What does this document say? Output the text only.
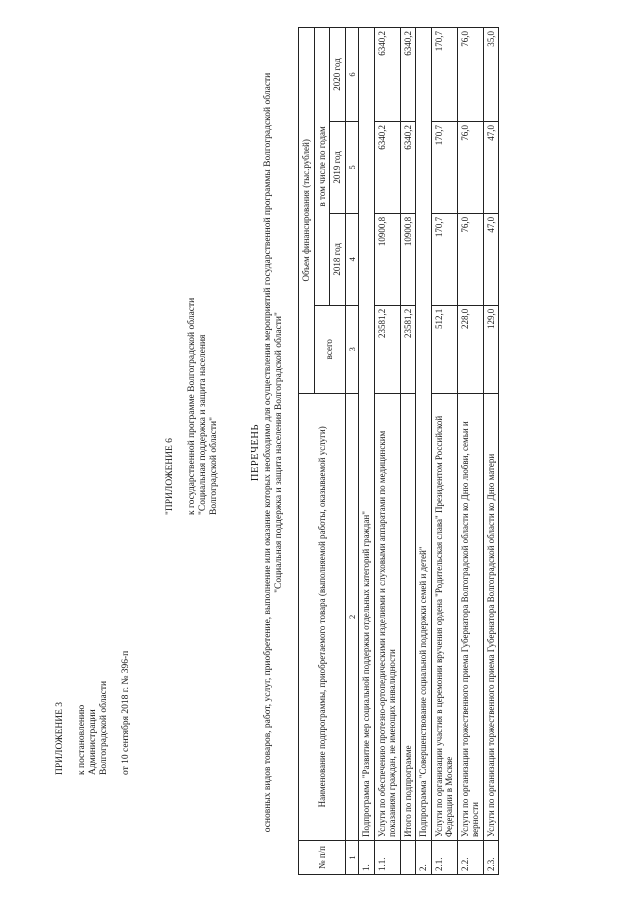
ПРИЛОЖЕНИЕ 3 к постановлению Администрации Волгоградской области от 10 сентября 2018 г. № 396-п
"ПРИЛОЖЕНИЕ 6 к государственной программе Волгоградской области "Социальная поддержка и защита населения Волгоградской области"	ПЕРЕЧЕНЬ основных видов товаров, работ, услуг, приобретение, выполнение или оказание которых необходимо для осуществления мероприятий государственной программы Волгоградской области "Социальная поддержка и защита населения Волгоградской области"
№ п/п	Наименование подпрограммы, приобретаемого товара (выполняемой работы, оказываемой услуги)	Объем финансирования (тыс.рублей)			
		всего	в том числе по годам		
			2018 год	2019 год	2020 год
1	2	3	4	5	6
1.	Подпрограмма "Развитие мер социальной поддержки отдельных категорий граждан"				
1.1.	Услуги по обеспечению протезно-ортопедическими изделиями и слуховыми аппаратами по медицинским показаниям граждан, не имеющих инвалидности	23581,2	10900,8	6340,2	6340,2
	Итого по подпрограмме	23581,2	10900,8	6340,2	6340,2
2.	Подпрограмма "Совершенствование социальной поддержки семей и детей"				
2.1.	Услуги по организации участия в церемонии вручения ордена "Родительская слава" Президентом Российской Федерации в Москве	512,1	170,7	170,7	170,7
2.2.	Услуги по организации торжественного приема Губернатора Волгоградской области ко Дню любви, семьи и верности	228,0	76,0	76,0	76,0
2.3.	Услуги по организации торжественного приема Губернатора Волгоградской области ко Дню матери	129,0	47,0	47,0	35,0
